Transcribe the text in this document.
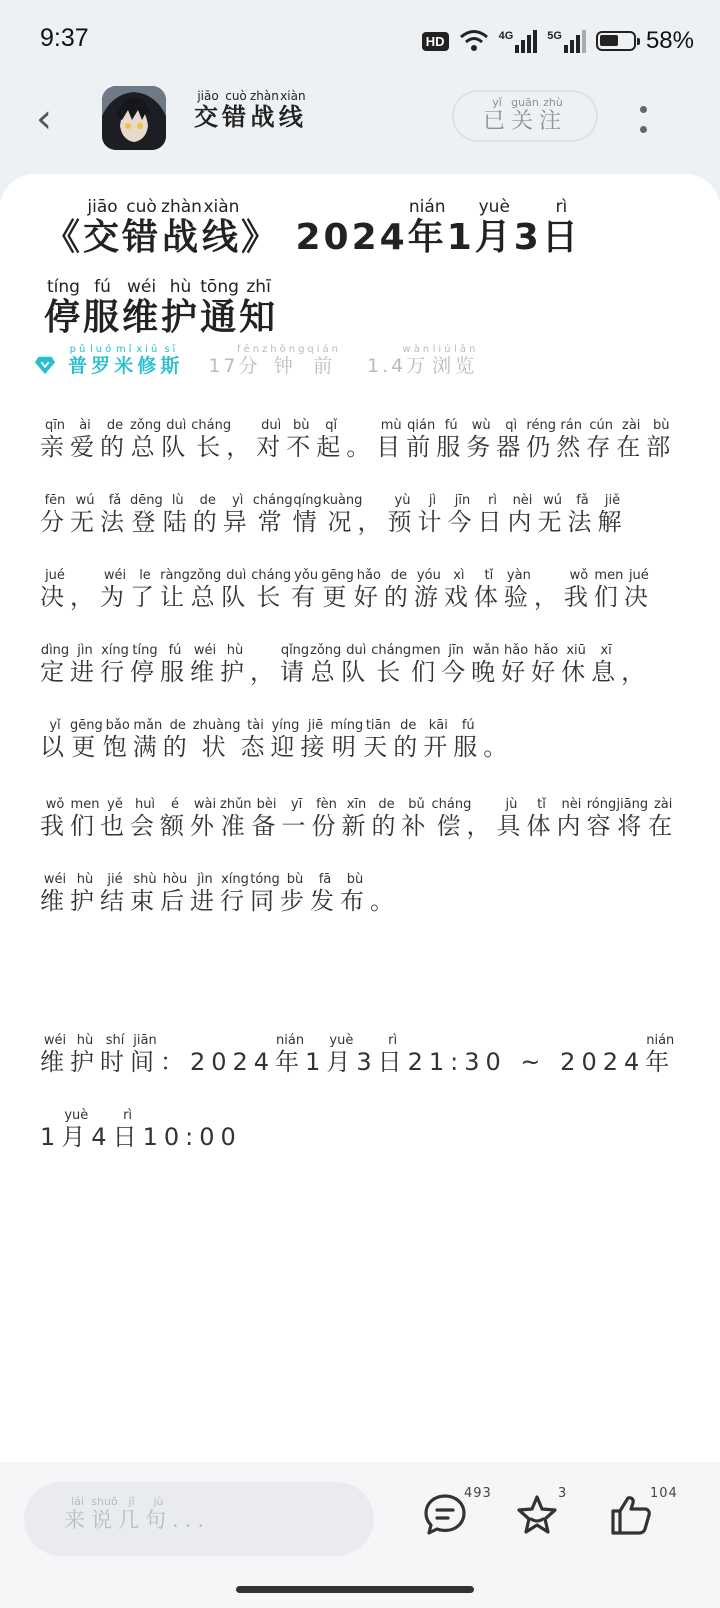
9:37	HD	4G	5G	58%
‹	交jiāo错cuò战zhàn线xiàn
已yǐ关guān注zhù
《交jiāo错cuò战zhàn线xiàn》 2024年nián1月yuè3日rì
停tíng服fú维wéi护hù通tōng知zhī
普pǔ罗luó米mǐ修xiū斯sī
17分fēn钟zhōng前qián
1.4万wàn浏liú览lǎn

亲qīn爱ài的de总zǒng队duì长cháng，对duì不bù起qǐ。目mù前qián服fú务wù器qì仍réng然rán存cún在zài部bù分fēn无wú法fǎ登dēng陆lù的de异yì常cháng情qíng况kuàng，预yù计jì今jīn日rì内nèi无wú法fǎ解jiě决jué，为wéi了le让ràng总zǒng队duì长cháng有yǒu更gēng好hǎo的de游yóu戏xì体tǐ验yàn，我wǒ们men决jué定dìng进jìn行xíng停tíng服fú维wéi护hù，请qǐng总zǒng队duì长cháng们men今jīn晚wǎn好hǎo好hǎo休xiū息xī，以yǐ更gēng饱bǎo满mǎn的de状zhuàng态tài迎yíng接jiē明míng天tiān的de开kāi服fú。

我wǒ们men也yě会huì额é外wài准zhǔn备bèi一yī份fèn新xīn的de补bǔ偿cháng，具jù体tǐ内nèi容róng将jiāng在zài维wéi护hù结jié束shù后hòu进jìn行xíng同tóng步bù发fā布bù。

维wéi护hù时shí间jiān：2024年nián1月yuè3日rì21:30 ~ 2024年nián1月yuè4日rì10:00

来lái说shuō几jǐ句jù...
493	3	104
